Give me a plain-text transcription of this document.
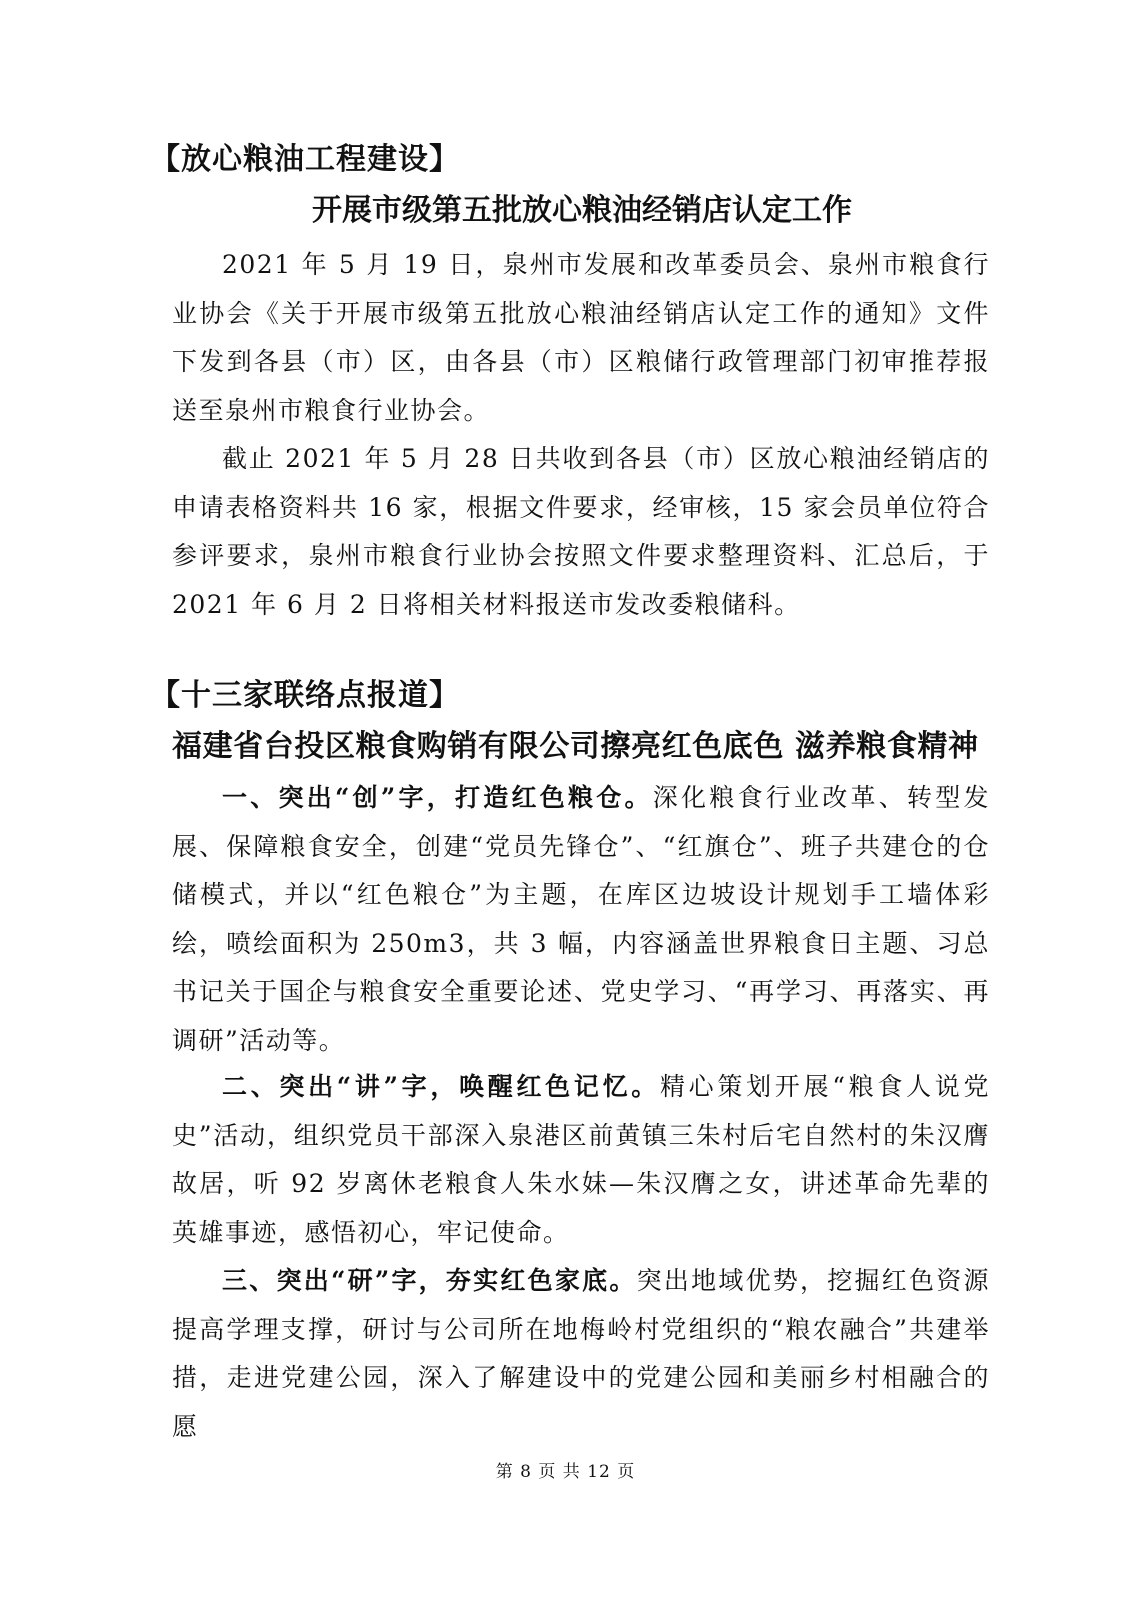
【放心粮油工程建设】
开展市级第五批放心粮油经销店认定工作

2021 年 5 月 19 日，泉州市发展和改革委员会、泉州市粮食行业协会《关于开展市级第五批放心粮油经销店认定工作的通知》文件下发到各县（市）区，由各县（市）区粮储行政管理部门初审推荐报送至泉州市粮食行业协会。

截止 2021 年 5 月 28 日共收到各县（市）区放心粮油经销店的申请表格资料共 16 家，根据文件要求，经审核，15 家会员单位符合参评要求，泉州市粮食行业协会按照文件要求整理资料、汇总后，于 2021 年 6 月 2 日将相关材料报送市发改委粮储科。

【十三家联络点报道】
福建省台投区粮食购销有限公司擦亮红色底色 滋养粮食精神

一、突出“创”字，打造红色粮仓。深化粮食行业改革、转型发展、保障粮食安全，创建“党员先锋仓”、“红旗仓”、班子共建仓的仓储模式，并以“红色粮仓”为主题，在库区边坡设计规划手工墙体彩绘，喷绘面积为 250m3，共 3 幅，内容涵盖世界粮食日主题、习总书记关于国企与粮食安全重要论述、党史学习、“再学习、再落实、再调研”活动等。

二、突出“讲”字，唤醒红色记忆。精心策划开展“粮食人说党史”活动，组织党员干部深入泉港区前黄镇三朱村后宅自然村的朱汉膺故居，听 92 岁离休老粮食人朱水妹—朱汉膺之女，讲述革命先辈的英雄事迹，感悟初心，牢记使命。

三、突出“研”字，夯实红色家底。突出地域优势，挖掘红色资源提高学理支撑，研讨与公司所在地梅岭村党组织的“粮农融合”共建举措，走进党建公园，深入了解建设中的党建公园和美丽乡村相融合的愿

第 8 页 共 12 页
